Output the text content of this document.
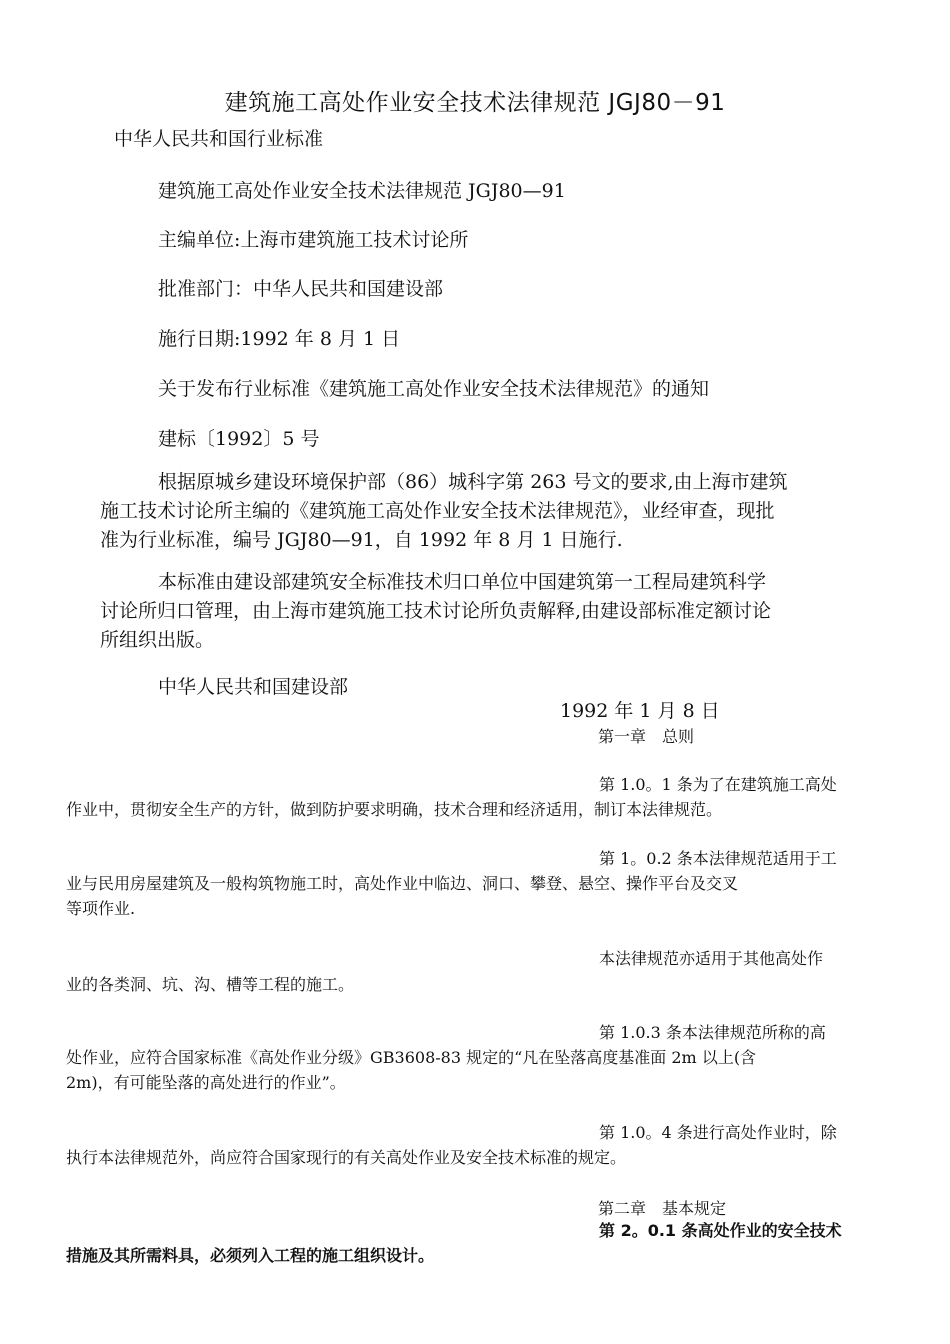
建筑施工高处作业安全技术法律规范 JGJ80－91

中华人民共和国行业标准

建筑施工高处作业安全技术法律规范 JGJ80—91

主编单位:上海市建筑施工技术讨论所

批准部门：中华人民共和国建设部

施行日期:1992 年 8 月 1 日

关于发布行业标准《建筑施工高处作业安全技术法律规范》的通知

建标〔1992〕5 号

根据原城乡建设环境保护部（86）城科字第 263 号文的要求,由上海市建筑
施工技术讨论所主编的《建筑施工高处作业安全技术法律规范》，业经审查，现批
准为行业标准，编号 JGJ80—91，自 1992 年 8 月 1 日施行.
本标准由建设部建筑安全标准技术归口单位中国建筑第一工程局建筑科学
讨论所归口管理，由上海市建筑施工技术讨论所负责解释,由建设部标准定额讨论
所组织出版。

中华人民共和国建设部

1992 年 1 月 8 日

第一章　总则

第 1.0。1 条为了在建筑施工高处
作业中，贯彻安全生产的方针，做到防护要求明确，技术合理和经济适用，制订本法律规范。
第 1。0.2 条本法律规范适用于工
业与民用房屋建筑及一般构筑物施工时，高处作业中临边、洞口、攀登、悬空、操作平台及交叉
等项作业.
本法律规范亦适用于其他高处作
业的各类洞、坑、沟、槽等工程的施工。
第 1.0.3 条本法律规范所称的高
处作业，应符合国家标准《高处作业分级》GB3608-83 规定的“凡在坠落高度基准面 2m 以上(含
2m)，有可能坠落的高处进行的作业”。
第 1.0。4 条进行高处作业时，除
执行本法律规范外，尚应符合国家现行的有关高处作业及安全技术标准的规定。

第二章　基本规定

第 2。0.1 条高处作业的安全技术
措施及其所需料具，必须列入工程的施工组织设计。
